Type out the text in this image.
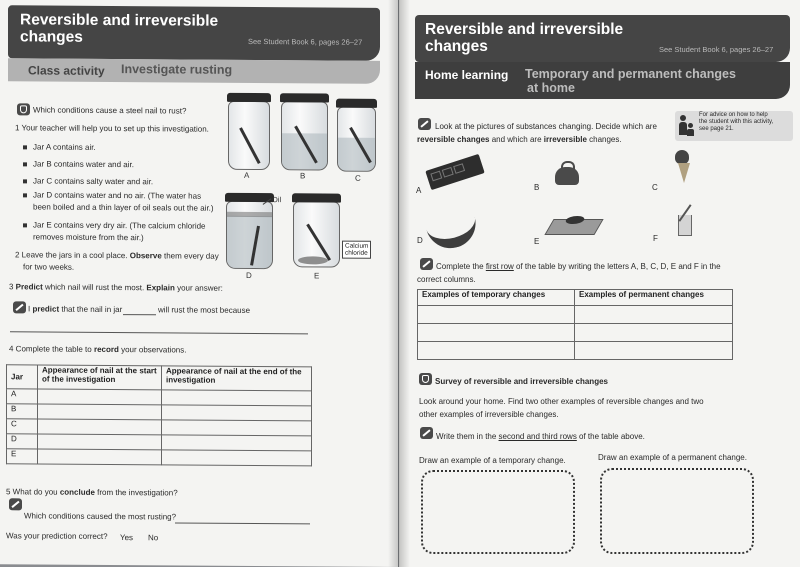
Reversible and irreversible
changes	See Student Book 6, pages 26–27
Class activity Investigate rusting
Which conditions cause a steel nail to rust?
1 Your teacher will help you to set up this investigation.
Jar A contains air.
Jar B contains water and air.
Jar C contains salty water and air.
Jar D contains water and no air. (The water has
been boiled and a thin layer of oil seals out the air.)
Jar E contains very dry air. (The calcium chloride
removes moisture from the air.)
2 Leave the jars in a cool place. Observe them every day
for two weeks.
3 Predict which nail will rust the most. Explain your answer:
I predict that the nail in jar	will rust the most because
4 Complete the table to record your observations.
Jar	Appearance of nail at the start of the investigation	Appearance of nail at the end of the investigation
A		
B		
C		
D		
E		
5 What do you conclude from the investigation?
Which conditions caused the most rusting?
Was your prediction correct? Yes No
A	B	C
Oil
D
Calcium
chloride
E
Reversible and irreversible
changes	See Student Book 6, pages 26–27
Home learning Temporary and permanent changes
at home
For advice on how to help
the student with this activity,
see page 21.
Look at the pictures of substances changing. Decide which are
reversible changes and which are irreversible changes.
A	B	C
D	E	F
Complete the first row of the table by writing the letters A, B, C, D, E and F in the
correct columns.
Examples of temporary changes	Examples of permanent changes

Survey of reversible and irreversible changes
Look around your home. Find two other examples of reversible changes and two
other examples of irreversible changes.
Write them in the second and third rows of the table above.
Draw an example of a temporary change.	Draw an example of a permanent change.
